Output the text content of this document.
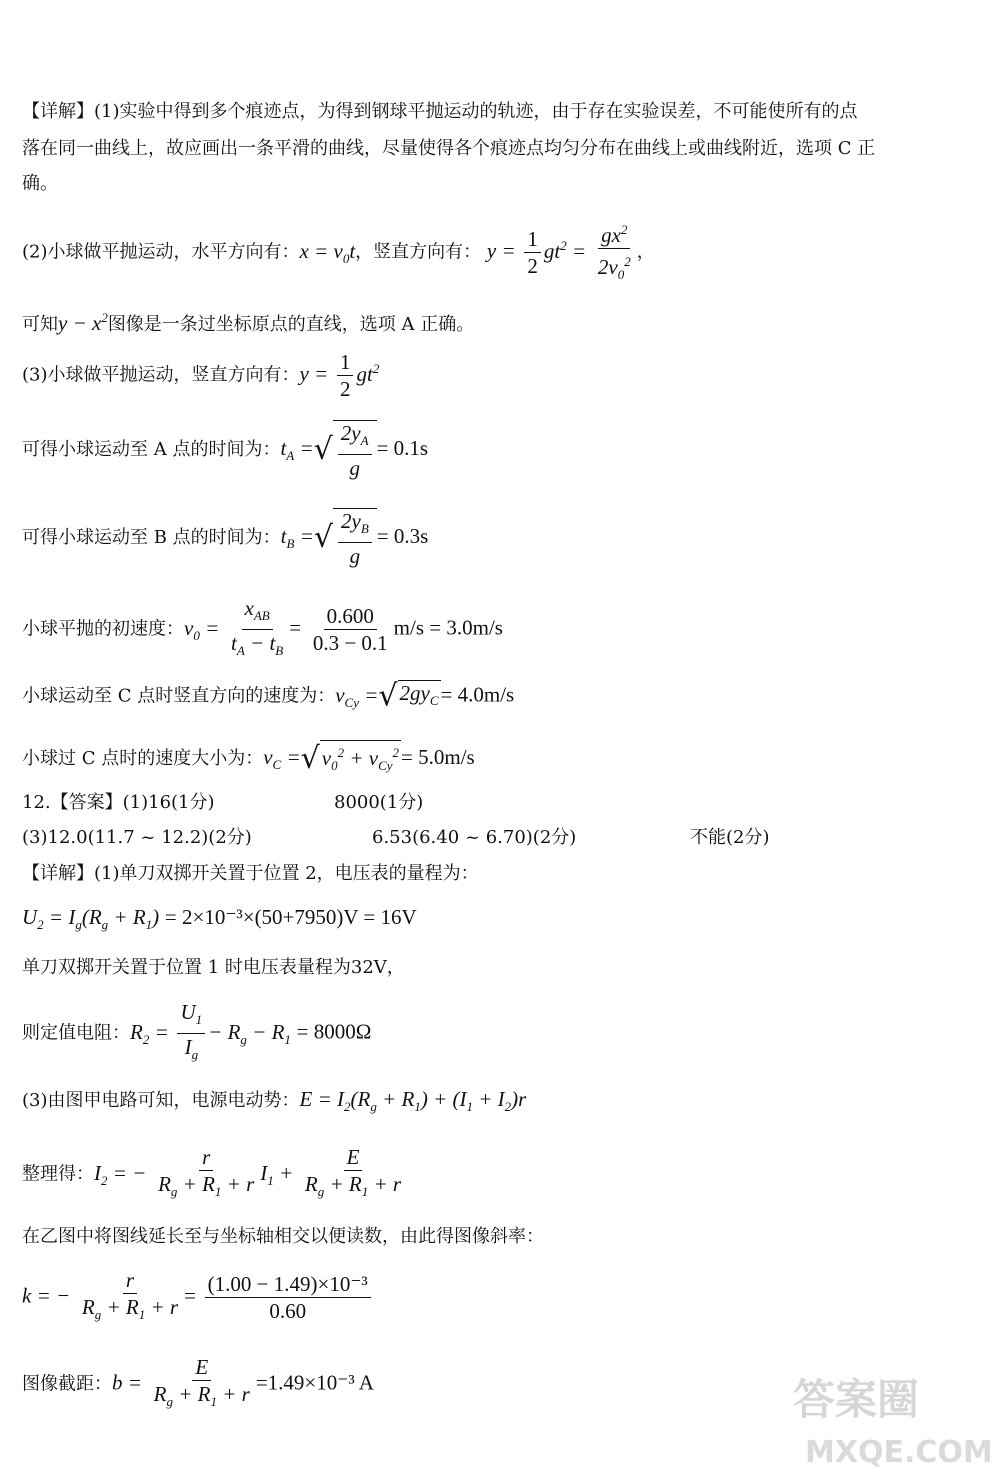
【详解】(1)实验中得到多个痕迹点，为得到钢球平抛运动的轨迹，由于存在实验误差，不可能使所有的点
落在同一曲线上，故应画出一条平滑的曲线，尽量使得各个痕迹点均匀分布在曲线上或曲线附近，选项 C 正
确。
(2)小球做平抛运动，水平方向有：$x = v_0t$，竖直方向有： $y = \frac{1}{2} gt^2 = \frac{gx^2}{2v_0^2}$ ，
可知$y - x^2$图像是一条过坐标原点的直线，选项 A 正确。
(3)小球做平抛运动，竖直方向有：$y = \frac{1}{2} gt^2$
可得小球运动至 A 点的时间为：$t_A$ =√ $\frac{2y_A}{g} = 0.1s$
可得小球运动至 B 点的时间为：$t_B$ =√ $\frac{2y_B}{g} = 0.3s$
小球平抛的初速度：$v_0 = \frac{x_{AB}}{t_A - t_B} = \frac{0.600}{0.3 - 0.1} m/s = 3.0m/s$
小球运动至 C 点时竖直方向的速度为：$v_{Cy} =√2gy_C= 4.0m/s$
小球过 C 点时的速度大小为：$v_C =√v_0^2 + v_{Cy}^2= 5.0m/s$
12.【答案】(1)16(1分)	8000(1分)
(3)12.0(11.7 ~ 12.2)(2分)	6.53(6.40 ~ 6.70)(2分)	不能(2分)
【详解】(1)单刀双掷开关置于位置 2，电压表的量程为：
$U_2 = I_g(R_g + R_1) = 2\times 10^{-3}\times(50+7950)V = 16V$
单刀双掷开关置于位置 1 时电压表量程为32V，
则定值电阻：$R_2 = \frac{U_1}{I_g} - R_g - R_1 = 8000\Omega$
(3)由图甲电路可知，电源电动势：$E = I_2(R_g + R_1) + (I_1 + I_2)r$
整理得：$I_2$ = − $\frac{r}{R_g + R_1 + r} I_1 + \frac{E}{R_g + R_1 + r}$
在乙图中将图线延长至与坐标轴相交以便读数，由此得图像斜率：
k = − $\frac{r}{R_g + R_1 + r} = \frac{\text{(1.00 − 1.49)×10⁻³}}{0.60}$
图像截距：$b = \frac{E}{R_g + R_1 + r} =1.49\times 10^{-3}$ A	答案圈
MXQE.COM
